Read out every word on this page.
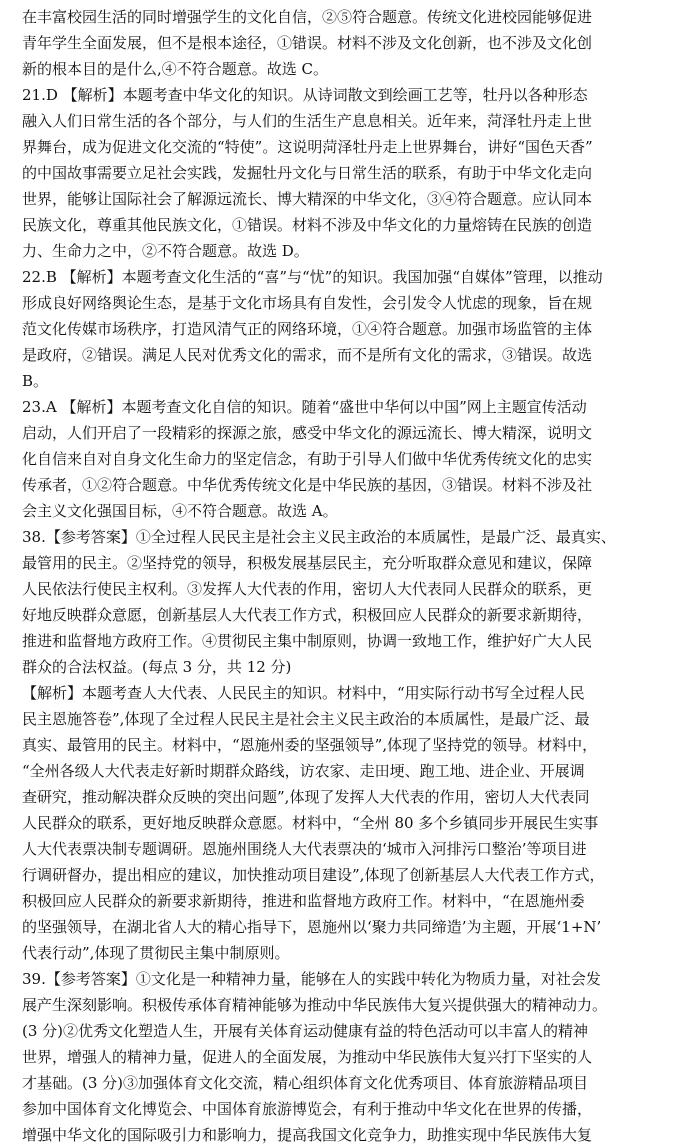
在丰富校园生活的同时增强学生的文化自信，②⑤符合题意。传统文化进校园能够促进
青年学生全面发展，但不是根本途径，①错误。材料不涉及文化创新，也不涉及文化创
新的根本目的是什么,④不符合题意。故选 C。
21.D 【解析】本题考查中华文化的知识。从诗词散文到绘画工艺等，牡丹以各种形态
融入人们日常生活的各个部分，与人们的生活生产息息相关。近年来，菏泽牡丹走上世
界舞台，成为促进文化交流的“特使”。这说明菏泽牡丹走上世界舞台，讲好“国色天香”
的中国故事需要立足社会实践，发掘牡丹文化与日常生活的联系，有助于中华文化走向
世界，能够让国际社会了解源远流长、博大精深的中华文化，③④符合题意。应认同本
民族文化，尊重其他民族文化，①错误。材料不涉及中华文化的力量熔铸在民族的创造
力、生命力之中，②不符合题意。故选 D。
22.B 【解析】本题考查文化生活的“喜”与“忧”的知识。我国加强“自媒体”管理，以推动
形成良好网络舆论生态，是基于文化市场具有自发性，会引发令人忧虑的现象，旨在规
范文化传媒市场秩序，打造风清气正的网络环境，①④符合题意。加强市场监管的主体
是政府，②错误。满足人民对优秀文化的需求，而不是所有文化的需求，③错误。故选
B。
23.A 【解析】本题考查文化自信的知识。随着“盛世中华何以中国”网上主题宣传活动
启动，人们开启了一段精彩的探源之旅，感受中华文化的源远流长、博大精深，说明文
化自信来自对自身文化生命力的坚定信念，有助于引导人们做中华优秀传统文化的忠实
传承者，①②符合题意。中华优秀传统文化是中华民族的基因，③错误。材料不涉及社
会主义文化强国目标，④不符合题意。故选 A。
38.【参考答案】①全过程人民民主是社会主义民主政治的本质属性，是最广泛、最真实、
最管用的民主。②坚持党的领导，积极发展基层民主，充分听取群众意见和建议，保障
人民依法行使民主权利。③发挥人大代表的作用，密切人大代表同人民群众的联系，更
好地反映群众意愿，创新基层人大代表工作方式，积极回应人民群众的新要求新期待，
推进和监督地方政府工作。④贯彻民主集中制原则，协调一致地工作，维护好广大人民
群众的合法权益。(每点 3 分，共 12 分)
【解析】本题考查人大代表、人民民主的知识。材料中，“用实际行动书写全过程人民
民主恩施答卷”,体现了全过程人民民主是社会主义民主政治的本质属性，是最广泛、最
真实、最管用的民主。材料中，“恩施州委的坚强领导”,体现了坚持党的领导。材料中，
“全州各级人大代表走好新时期群众路线，访农家、走田埂、跑工地、进企业、开展调
查研究，推动解决群众反映的突出问题”,体现了发挥人大代表的作用，密切人大代表同
人民群众的联系，更好地反映群众意愿。材料中，“全州 80 多个乡镇同步开展民生实事
人大代表票决制专题调研。恩施州围绕人大代表票决的‘城市入河排污口整治’等项目进
行调研督办，提出相应的建议，加快推动项目建设”,体现了创新基层人大代表工作方式，
积极回应人民群众的新要求新期待，推进和监督地方政府工作。材料中，“在恩施州委
的坚强领导，在湖北省人大的精心指导下，恩施州以‘聚力共同缔造’为主题，开展‘1+N’
代表行动”,体现了贯彻民主集中制原则。
39.【参考答案】①文化是一种精神力量，能够在人的实践中转化为物质力量，对社会发
展产生深刻影响。积极传承体育精神能够为推动中华民族伟大复兴提供强大的精神动力。
(3 分)②优秀文化塑造人生，开展有关体育运动健康有益的特色活动可以丰富人的精神
世界，增强人的精神力量，促进人的全面发展，为推动中华民族伟大复兴打下坚实的人
才基础。(3 分)③加强体育文化交流，精心组织体育文化优秀项目、体育旅游精品项目
参加中国体育文化博览会、中国体育旅游博览会，有利于推动中华文化在世界的传播，
增强中华文化的国际吸引力和影响力，提高我国文化竞争力，助推实现中华民族伟大复
